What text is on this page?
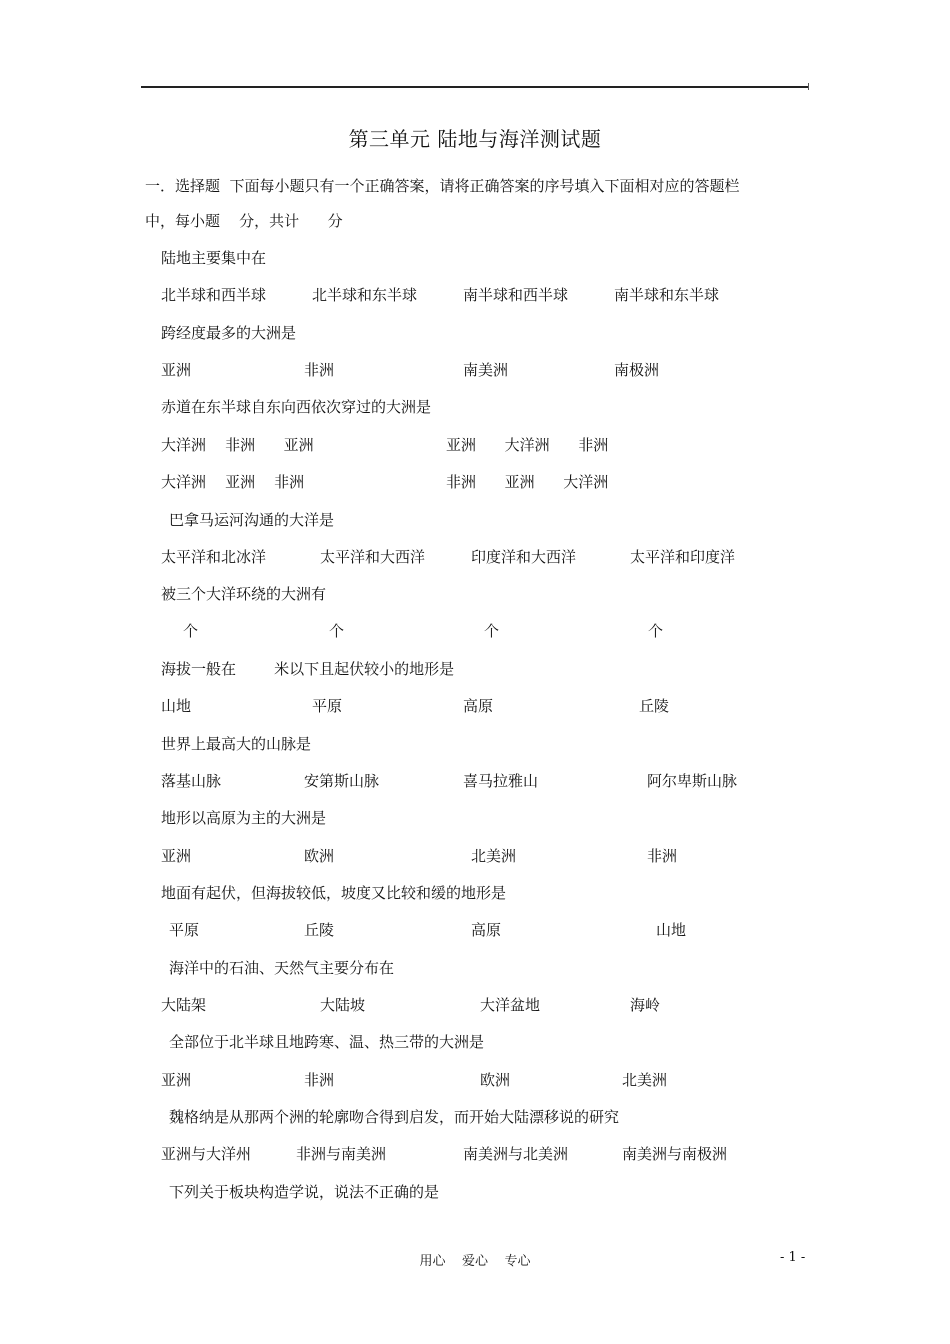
第三单元 陆地与海洋测试题
一．选择题  下面每小题只有一个正确答案，请将正确答案的序号填入下面相对应的答题栏
中，每小题    分，共计      分
陆地主要集中在
北半球和西半球	北半球和东半球	南半球和西半球	南半球和东半球
跨经度最多的大洲是
亚洲	非洲	南美洲	南极洲
赤道在东半球自东向西依次穿过的大洲是
大洋洲    非洲      亚洲	亚洲      大洋洲      非洲
大洋洲    亚洲    非洲	非洲      亚洲      大洋洲
巴拿马运河沟通的大洋是
太平洋和北冰洋	太平洋和大西洋	印度洋和大西洋	太平洋和印度洋
被三个大洋环绕的大洲有
个	个	个	个
海拔一般在        米以下且起伏较小的地形是
山地	平原	高原	丘陵
世界上最高大的山脉是
落基山脉	安第斯山脉	喜马拉雅山	阿尔卑斯山脉
地形以高原为主的大洲是
亚洲	欧洲	北美洲	非洲
地面有起伏，但海拔较低，坡度又比较和缓的地形是
平原	丘陵	高原	山地
海洋中的石油、天然气主要分布在
大陆架	大陆坡	大洋盆地	海岭
全部位于北半球且地跨寒、温、热三带的大洲是
亚洲	非洲	欧洲	北美洲
魏格纳是从那两个洲的轮廓吻合得到启发，而开始大陆漂移说的研究
亚洲与大洋州	非洲与南美洲	南美洲与北美洲	南美洲与南极洲
下列关于板块构造学说，说法不正确的是
用心    爱心    专心	- 1 -
